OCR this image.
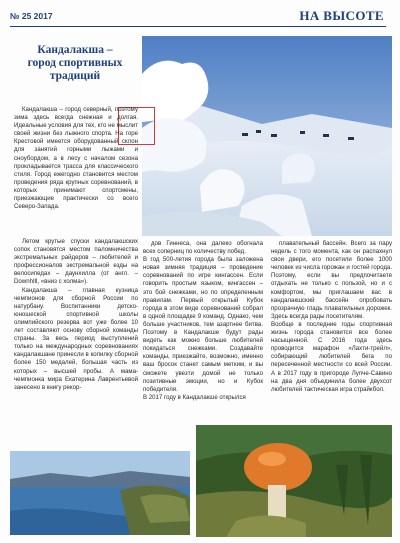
№ 25 2017	НА ВЫСОТЕ
Кандалакша –
город спортивных
традиций

Кандалакша – город северный, поэтому зима здесь всегда снежная и долгая. Идеальные условия для тех, кто не мыслит своей жизни без лыжного спорта. На горе Крестовой имеется оборудованный склон для занятий горными лыжами и сноубордом, а в лесу с началом сезона прокладывается трасса для классического стиля. Город ежегодно становится местом проведения ряда крупных соревнований, в которых принимают спортсмены, приезжающие практически со всего Северо-Запада.

Летом крутые спуски кандалакшских сопок становятся местом паломничества экстремальных райдеров – любителей и профессионалов экстремальной езды на велосипедах – даунхилла (от англ. – DownhIll, «вниз с холма»).

Кандалакша – главная кузница чемпионов для сборной России по натурбану. Воспитанники детско-юношеской спортивной школы олимпийского резерва вот уже более 10 лет составляют основу сборной команды страны. За весь период выступлений только на международных соревнованиях кандалакшане принесли в копилку сборной более 150 медалей, большая часть из которых – высшей пробы. А мама-чемпионка мира Екатерина Лаврентьевой занесено в книгу рекор-

дов Гиннеса, она далеко обогнала всех соперниц по количеству побед.
В год 500-летия города была заложена новая зимняя традиция – проведение соревнований по игре кингассен. Если говорить простым языком, кингассен – это бой снежками, но по определенным правилам. Первый открытый Кубок города в этом виде соревнований собрал в одной площадке 9 команд. Однако, чем больше участников, тем азартнее битва. Поэтому в Кандалакше будут рады видеть как можно больше любителей покидаться снежками. Создавайте команды, приезжайте, возможно, именно ваш бросок станет самым метким, и вы сможете увезти домой не только позитивные эмоции, но и Кубок победителя.
В 2017 году в Кандалакше открылся

плавательный бассейн. Всего за пару недель с того момента, как он распахнул свои двери, его посетили более 1000 человек из числа горожан и гостей города. Поэтому, если вы предпочитаете отдыхать не только с пользой, но и с комфортом, мы приглашаем вас в кандалакшский бассейн опробовать прозрачную гладь плавательных дорожек. Здесь всегда рады посетителям.
Вообще в последние годы спортивная жизнь города становится все более насыщенной. С 2016 года здесь проводится марафон «Лахти-трейл», собирающий любителей бега по пересеченной местности со всей России. А в 2017 году в пригороде Лупче-Савино на два дня объединила более двухсот любителей тактическая игра страйкбол.
